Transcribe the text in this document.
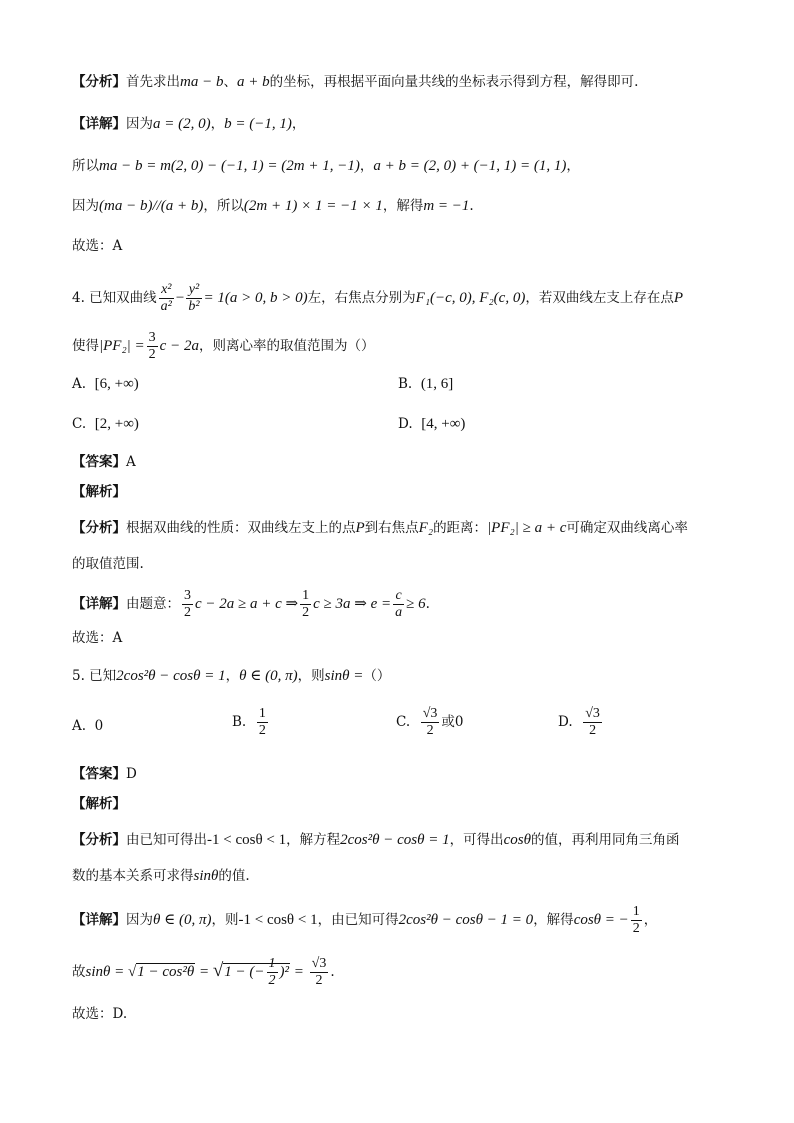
【分析】首先求出ma − b、a + b的坐标，再根据平面向量共线的坐标表示得到方程，解得即可.
【详解】因为a = (2, 0)，b = (−1, 1)，
所以ma − b = m(2, 0) − (−1, 1) = (2m + 1, −1)，a + b = (2, 0) + (−1, 1) = (1, 1)，
因为(ma − b)//(a + b)，所以(2m + 1) × 1 = −1 × 1，解得m = −1.
故选：A
4. 已知双曲线 $\frac{\text{x²}}{\text{a²}} - \frac{\text{y²}}{\text{b²}} = 1(a > 0$, b > 0)左，右焦点分别为F₁(−c, 0), F₂(c, 0)，若双曲线左支上存在点P
使得$|PF_2| = \frac{3}{2}$ c − 2a，则离心率的取值范围为（）
A. [6, +∞)	B. (1, 6]
C. [2, +∞)	D. [4, +∞)
【答案】A
【解析】
【分析】根据双曲线的性质：双曲线左支上的点P到右焦点F₂的距离：|PF₂| ≥ a + c可确定双曲线离心率
的取值范围.
【详解】由题意： $\frac{3}{2}$ c − 2a ≥ a + c ⇒ $\frac{1}{2}$ c ≥ 3a ⇒ $e = \frac{c}{a} \ge 6$.
故选：A
5. 已知2cos²θ − cosθ = 1，θ ∈ (0, π)，则sinθ =（）
A. 0	B. $\frac{1}{2}$	C. $\frac{√3}{2}$ 或0	D. $\frac{√3}{2}$
【答案】D
【解析】
【分析】由已知可得出-1 < cosθ < 1，解方程2cos²θ − cosθ = 1，可得出cosθ的值，再利用同角三角函
数的基本关系可求得sinθ的值.
【详解】因为θ ∈ (0, π)，则-1 < cosθ < 1，由已知可得2cos²θ − cosθ − 1 = 0，解得cosθ = − $\frac{1}{2}$ ，
故sinθ = √1 − cos²θ = √1 − (− $\frac{1}{2} )^2 = \frac{√3}{2}$ .
故选：D.
